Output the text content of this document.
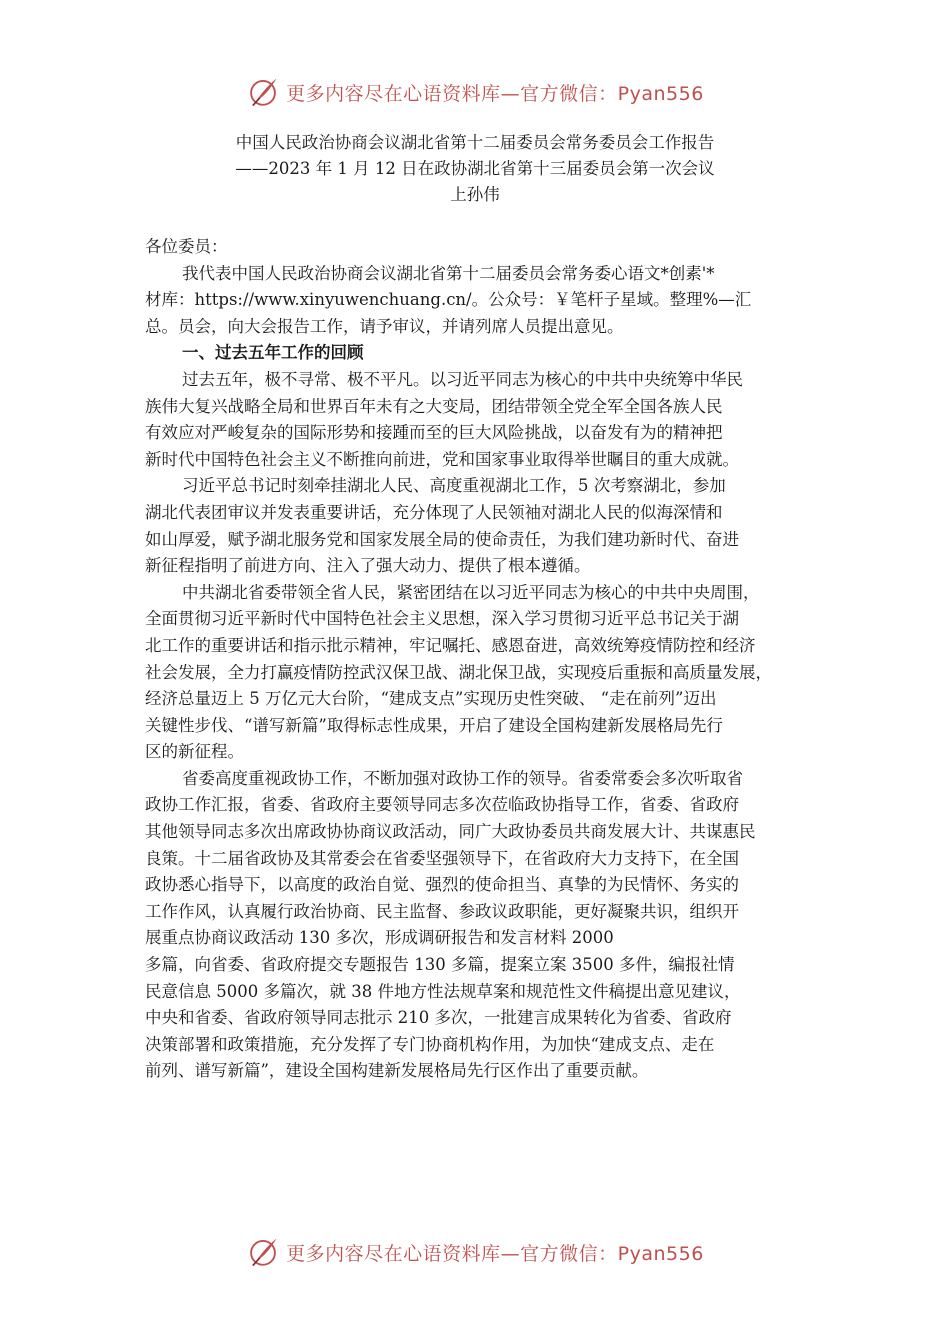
更多内容尽在心语资料库—官方微信：Pyan556
中国人民政治协商会议湖北省第十二届委员会常务委员会工作报告
——2023 年 1 月 12 日在政协湖北省第十三届委员会第一次会议
上孙伟
各位委员：
我代表中国人民政治协商会议湖北省第十二届委员会常务委心语文*创素'*
材库：https://www.xinyuwenchuang.cn/。公众号：￥笔杆子星域。整理%—汇
总。员会，向大会报告工作，请予审议，并请列席人员提出意见。
一、过去五年工作的回顾
过去五年，极不寻常、极不平凡。以习近平同志为核心的中共中央统筹中华民
族伟大复兴战略全局和世界百年未有之大变局，团结带领全党全军全国各族人民
有效应对严峻复杂的国际形势和接踵而至的巨大风险挑战，以奋发有为的精神把
新时代中国特色社会主义不断推向前进，党和国家事业取得举世瞩目的重大成就。
习近平总书记时刻牵挂湖北人民、高度重视湖北工作，5 次考察湖北，参加
湖北代表团审议并发表重要讲话，充分体现了人民领袖对湖北人民的似海深情和
如山厚爱，赋予湖北服务党和国家发展全局的使命责任，为我们建功新时代、奋进
新征程指明了前进方向、注入了强大动力、提供了根本遵循。
中共湖北省委带领全省人民，紧密团结在以习近平同志为核心的中共中央周围，
全面贯彻习近平新时代中国特色社会主义思想，深入学习贯彻习近平总书记关于湖
北工作的重要讲话和指示批示精神，牢记嘱托、感恩奋进，高效统筹疫情防控和经济
社会发展，全力打赢疫情防控武汉保卫战、湖北保卫战，实现疫后重振和高质量发展，
经济总量迈上 5 万亿元大台阶，“建成支点”实现历史性突破、 “走在前列”迈出
关键性步伐、“谱写新篇”取得标志性成果，开启了建设全国构建新发展格局先行
区的新征程。
省委高度重视政协工作，不断加强对政协工作的领导。省委常委会多次听取省
政协工作汇报，省委、省政府主要领导同志多次莅临政协指导工作，省委、省政府
其他领导同志多次出席政协协商议政活动，同广大政协委员共商发展大计、共谋惠民
良策。十二届省政协及其常委会在省委坚强领导下，在省政府大力支持下，在全国
政协悉心指导下，以高度的政治自觉、强烈的使命担当、真挚的为民情怀、务实的
工作作风，认真履行政治协商、民主监督、参政议政职能，更好凝聚共识，组织开
展重点协商议政活动 130 多次，形成调研报告和发言材料 2000
多篇，向省委、省政府提交专题报告 130 多篇，提案立案 3500 多件，编报社情
民意信息 5000 多篇次，就 38 件地方性法规草案和规范性文件稿提出意见建议，
中央和省委、省政府领导同志批示 210 多次，一批建言成果转化为省委、省政府
决策部署和政策措施，充分发挥了专门协商机构作用，为加快“建成支点、走在
前列、谱写新篇”，建设全国构建新发展格局先行区作出了重要贡献。
更多内容尽在心语资料库—官方微信：Pyan556
